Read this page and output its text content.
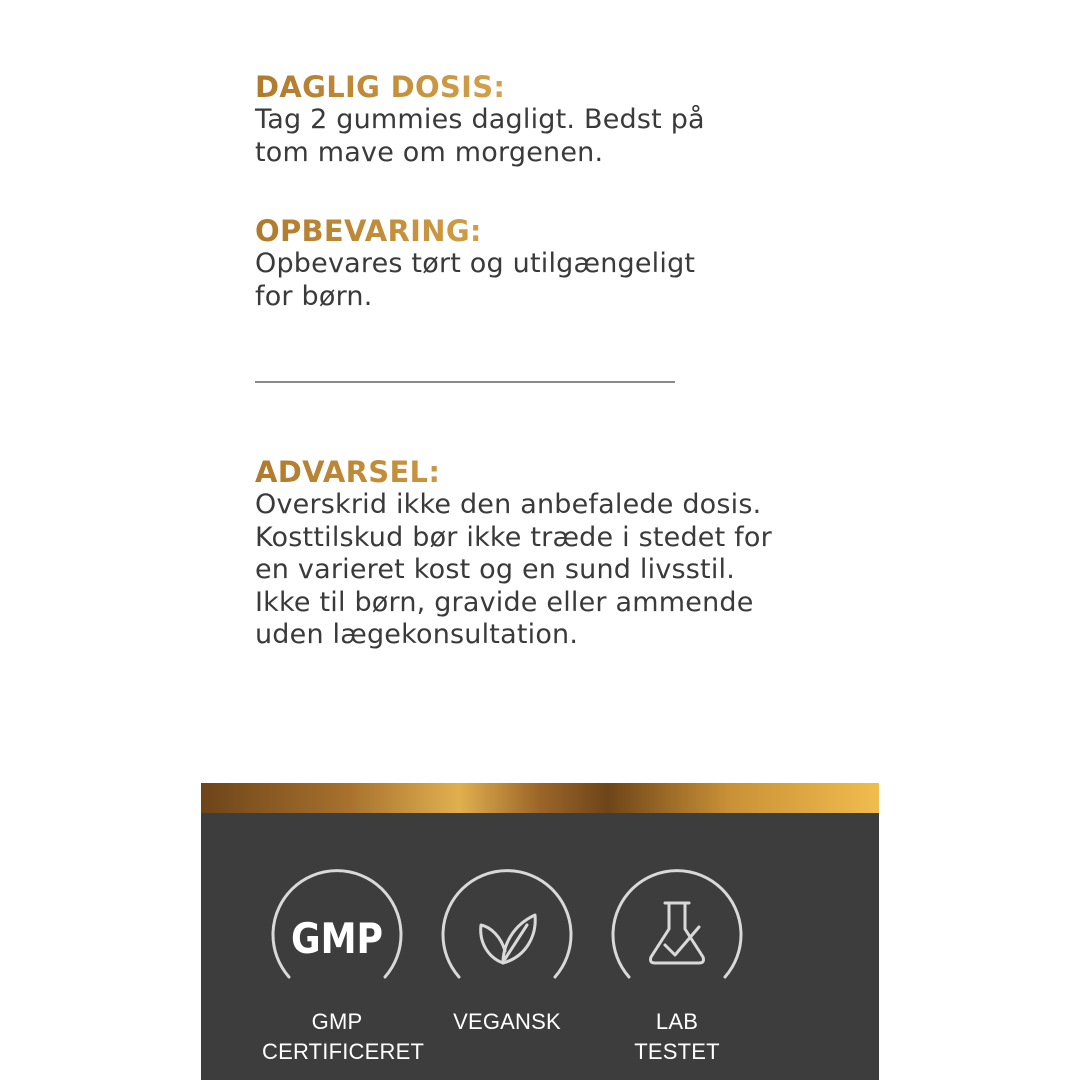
DAGLIG DOSIS:
Tag 2 gummies dagligt. Bedst på
tom mave om morgenen.
OPBEVARING:
Opbevares tørt og utilgængeligt
for børn.
ADVARSEL:
Overskrid ikke den anbefalede dosis.
Kosttilskud bør ikke træde i stedet for
en varieret kost og en sund livsstil.
Ikke til børn, gravide eller ammende
uden lægekonsultation.
GMP
GMP
CERTIFICERET
VEGANSK	LAB
TESTET
